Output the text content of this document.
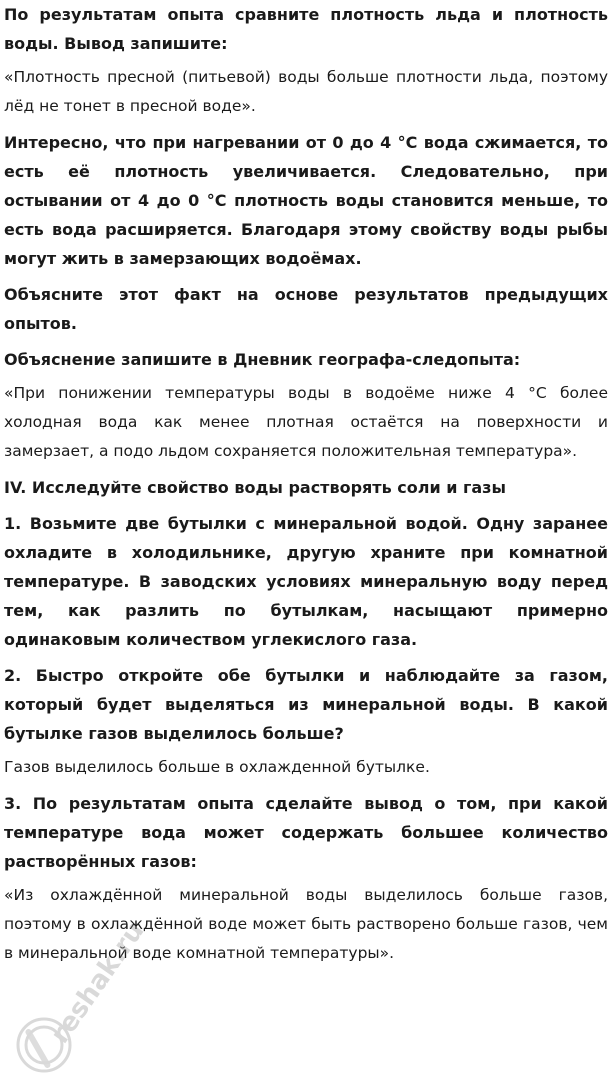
По результатам опыта сравните плотность льда и плотность воды. Вывод запишите:

«Плотность пресной (питьевой) воды больше плотности льда, поэтому лёд не тонет в пресной воде».

Интересно, что при нагревании от 0 до 4 °С вода сжимается, то есть её плотность увеличивается. Следовательно, при остывании от 4 до 0 °С плотность воды становится меньше, то есть вода расширяется. Благодаря этому свойству воды рыбы могут жить в замерзающих водоёмах.

Объясните этот факт на основе результатов предыдущих опытов.

Объяснение запишите в Дневник географа-следопыта:

«При понижении температуры воды в водоёме ниже 4 °С более холодная вода как менее плотная остаётся на поверхности и замерзает, а подо льдом сохраняется положительная температура».

IV. Исследуйте свойство воды растворять соли и газы

1. Возьмите две бутылки с минеральной водой. Одну заранее охладите в холодильнике, другую храните при комнатной температуре. В заводских условиях минеральную воду перед тем, как разлить по бутылкам, насыщают примерно одинаковым количеством углекислого газа.

2. Быстро откройте обе бутылки и наблюдайте за газом, который будет выделяться из минеральной воды. В какой бутылке газов выделилось больше?

Газов выделилось больше в охлажденной бутылке.

3. По результатам опыта сделайте вывод о том, при какой температуре вода может содержать большее количество растворённых газов:

«Из охлаждённой минеральной воды выделилось больше газов, поэтому в охлаждённой воде может быть растворено больше газов, чем в минеральной воде комнатной температуры».

reshak.ru
